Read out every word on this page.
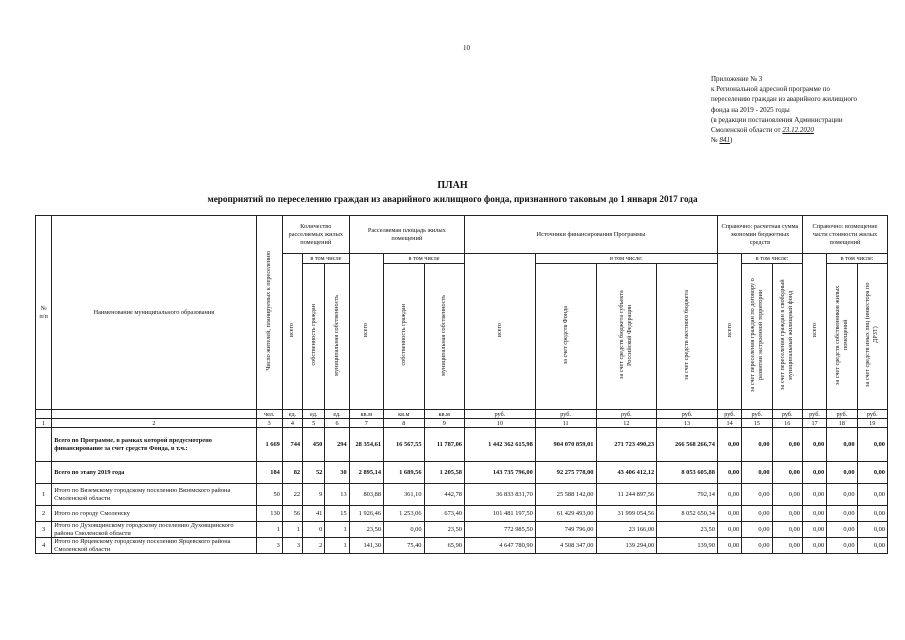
10
Приложение № 3
к Региональной адресной программе по
переселению граждан из аварийного жилищного
фонда на 2019 - 2025 годы
(в редакции постановления Администрации
Смоленской области от 23.12.2020
№ 841)
ПЛАН
мероприятий по переселению граждан из аварийного жилищного фонда, признанного таковым до 1 января 2017 года
№ п/п	Наименование муниципального образования	Число жителей, планируемых к переселению	Количество расселяемых жилых помещений			Расселяемая площадь жилых помещений			Источники финансирования Программы				Справочно: расчетная сумма экономии бюджетных средств			Справочно: возмещение части стоимости жилых помещений		
			всего	в том числе		всего	в том числе		всего	в том числе:			всего	в том числе:		всего	в том числе:	
				собственность граждан	муниципальная собственность		собственность граждан	муниципальная собственность		за счет средств Фонда	за счет средств бюджета субъекта Российской Федерации	за счет средств местного бюджета		за счет переселения граждан по договору о развитии застроенной территории	за счет переселения граждан в свободный муниципальный жилищный фонд		за счет средств собственников жилых помещений	за счет средств иных лиц (инвестора по ДРЗТ)
		чел.	ед.	ед.	ед.	кв.м	кв.м	кв.м	руб.	руб.	руб.	руб.	руб.	руб.	руб.	руб.	руб.	руб.
1	2	3	4	5	6	7	8	9	10	11	12	13	14	15	16	17	18	19
	Всего по Программе, в рамках которой предусмотрено финансирование за счет средств Фонда, в т.ч.:	1 669	744	450	294	28 354,61	16 567,55	11 787,06	1 442 362 615,98	904 070 859,01	271 723 490,23	266 568 266,74	0,00	0,00	0,00	0,00	0,00	0,00
	Всего по этапу 2019 года	184	82	52	30	2 895,14	1 689,56	1 205,58	143 735 796,00	92 275 778,00	43 406 412,12	8 053 605,88	0,00	0,00	0,00	0,00	0,00	0,00
1	Итого по Вяземскому городскому поселению Вяземского района Смоленской области	50	22	9	13	803,88	361,10	442,78	36 833 831,70	25 588 142,00	11 244 897,56	792,14	0,00	0,00	0,00	0,00	0,00	0,00
2	Итого по городу Смоленску	130	56	41	15	1 926,46	1 253,06	673,40	101 481 197,50	61 429 493,00	31 999 054,56	8 052 650,34	0,00	0,00	0,00	0,00	0,00	0,00
3	Итого по Духовщинскому городскому поселению Духовщинского района Смоленской области	1	1	0	1	23,50	0,00	23,50	772 985,50	749 796,00	23 166,00	23,50	0,00	0,00	0,00	0,00	0,00	0,00
4	Итого по Ярцевскому городскому поселению Ярцевского района Смоленской области	3	3	2	1	141,30	75,40	65,90	4 647 780,90	4 508 347,00	139 294,00	139,90	0,00	0,00	0,00	0,00	0,00	0,00
